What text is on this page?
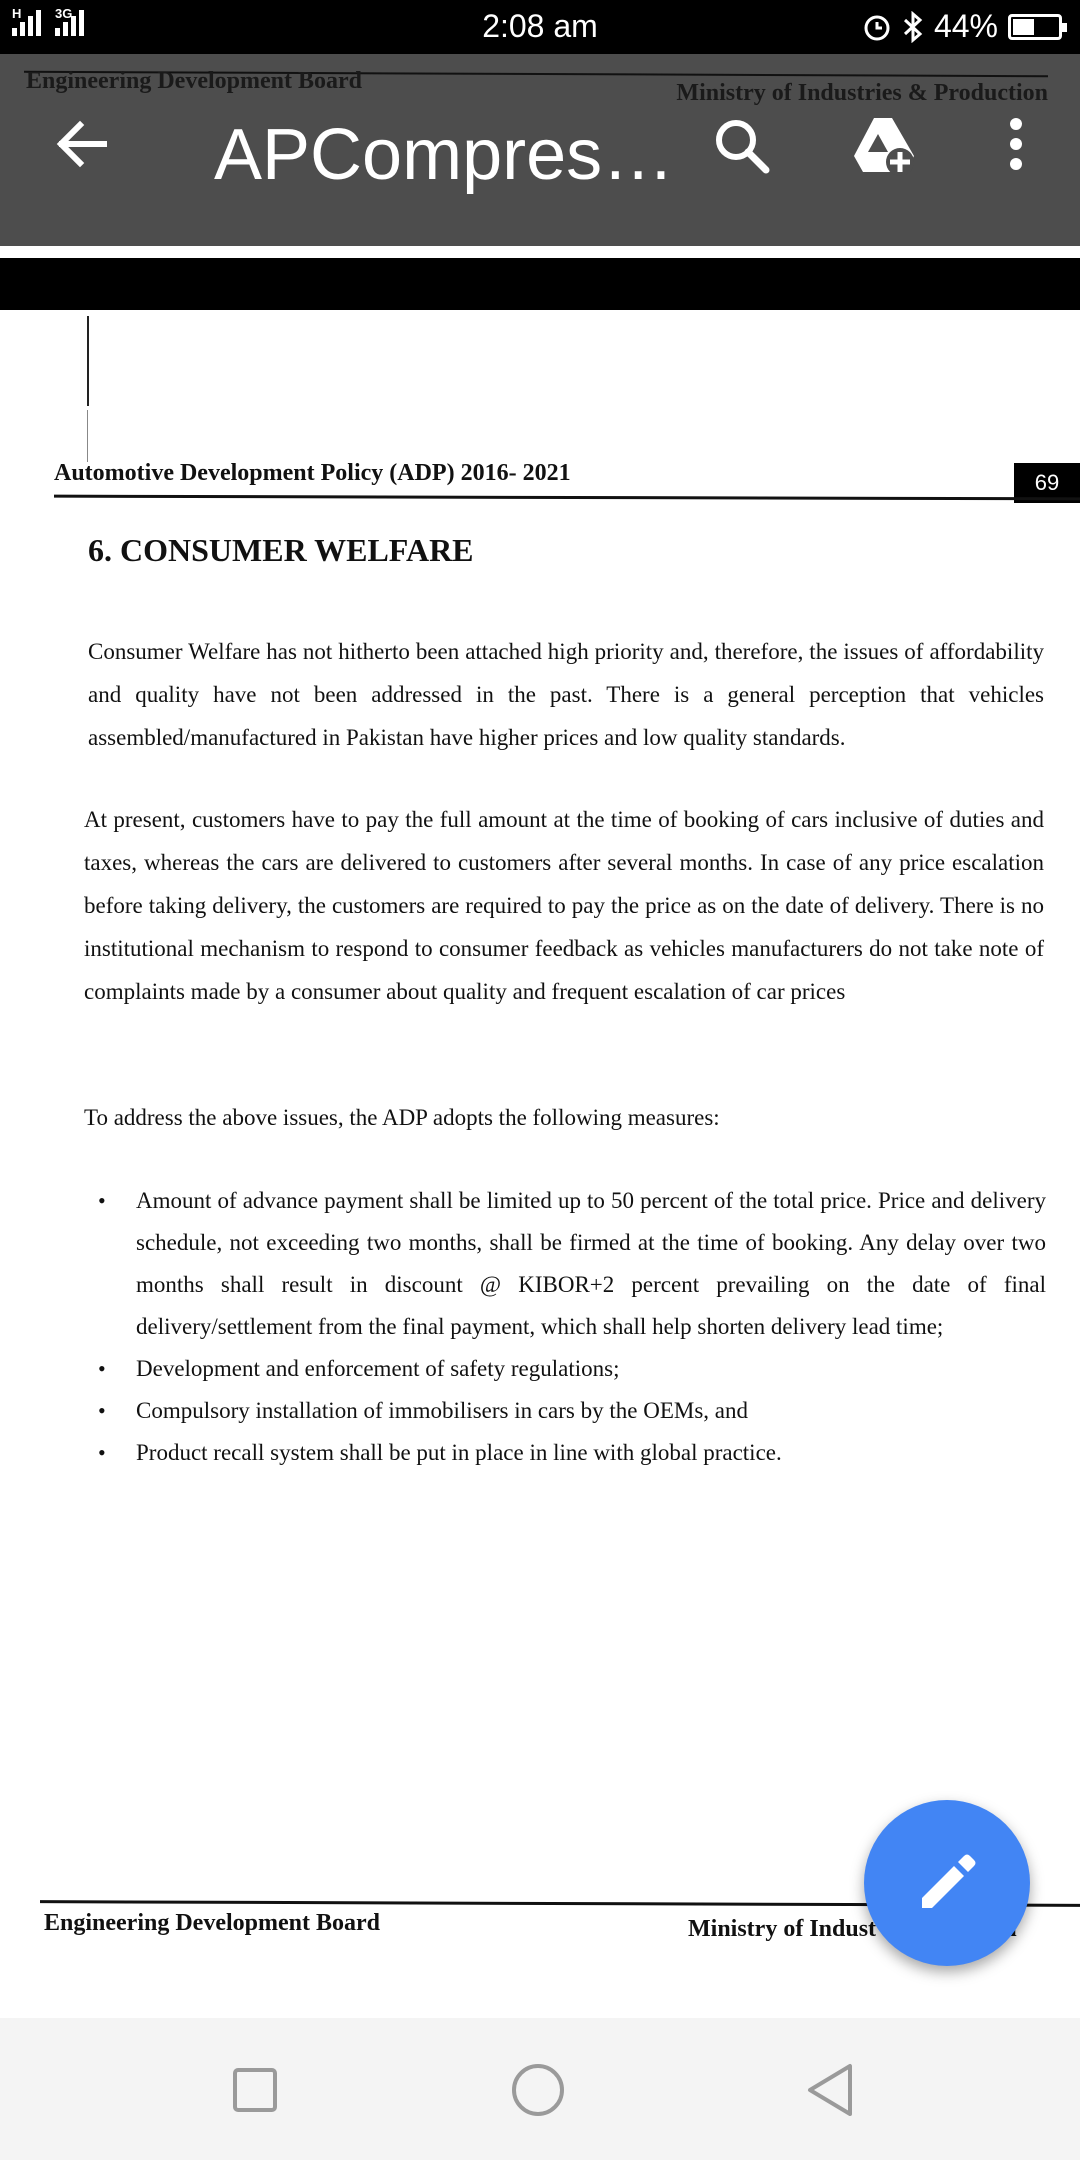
H	3G	2:08 am	44%
Engineering Development Board	Ministry of Industries & Production
APCompres…
Automotive Development Policy (ADP) 2016- 2021	69
6. CONSUMER WELFARE
Consumer Welfare has not hitherto been attached high priority and, therefore, the issues of affordability and quality have not been addressed in the past. There is a general perception that vehicles assembled/manufactured in Pakistan have higher prices and low quality standards.
At present, customers have to pay the full amount at the time of booking of cars inclusive of duties and taxes, whereas the cars are delivered to customers after several months. In case of any price escalation before taking delivery, the customers are required to pay the price as on the date of delivery. There is no institutional mechanism to respond to consumer feedback as vehicles manufacturers do not take note of complaints made by a consumer about quality and frequent escalation of car prices
To address the above issues, the ADP adopts the following measures:
• Amount of advance payment shall be limited up to 50 percent of the total price. Price and delivery schedule, not exceeding two months, shall be firmed at the time of booking. Any delay over two months shall result in discount @ KIBOR+2 percent prevailing on the date of final delivery/settlement from the final payment, which shall help shorten delivery lead time;
• Development and enforcement of safety regulations;
• Compulsory installation of immobilisers in cars by the OEMs, and
• Product recall system shall be put in place in line with global practice.
Engineering Development Board	Ministry of Indust
